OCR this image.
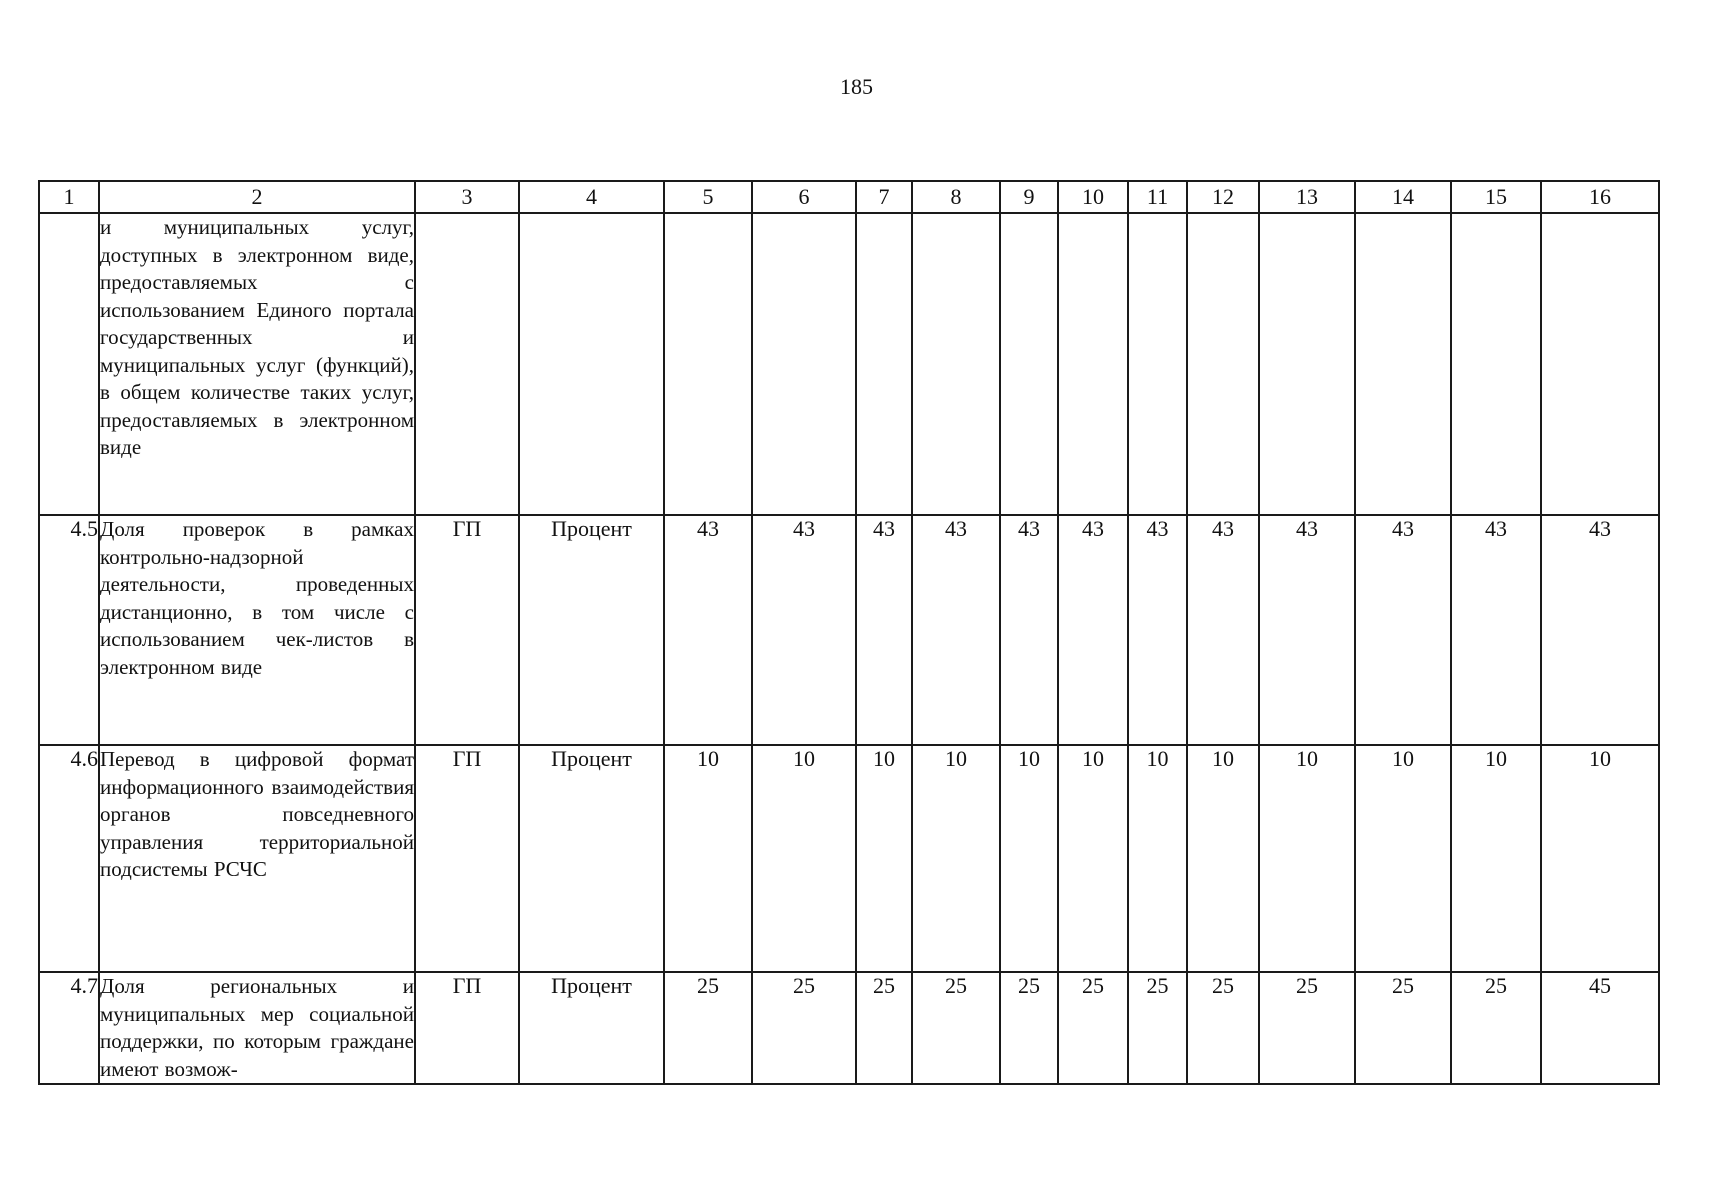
185
1	2	3	4	5	6	7	8	9	10	11	12	13	14	15	16
	и муниципальных услуг, доступных в электронном виде, предоставляемых с использованием Единого портала государственных и муниципальных услуг (функций), в общем количестве таких услуг, предоставляемых в электронном виде														
4.5	Доля проверок в рамках контрольно-надзорной деятельности, проведенных дистанционно, в том числе с использованием чек-листов в электронном виде	ГП	Процент	43	43	43	43	43	43	43	43	43	43	43	43
4.6	Перевод в цифровой формат информационного взаимодействия органов повседневного управления территориальной подсистемы РСЧС	ГП	Процент	10	10	10	10	10	10	10	10	10	10	10	10
4.7	Доля региональных и муниципальных мер социальной поддержки, по которым граждане имеют возмож-	ГП	Процент	25	25	25	25	25	25	25	25	25	25	25	45
